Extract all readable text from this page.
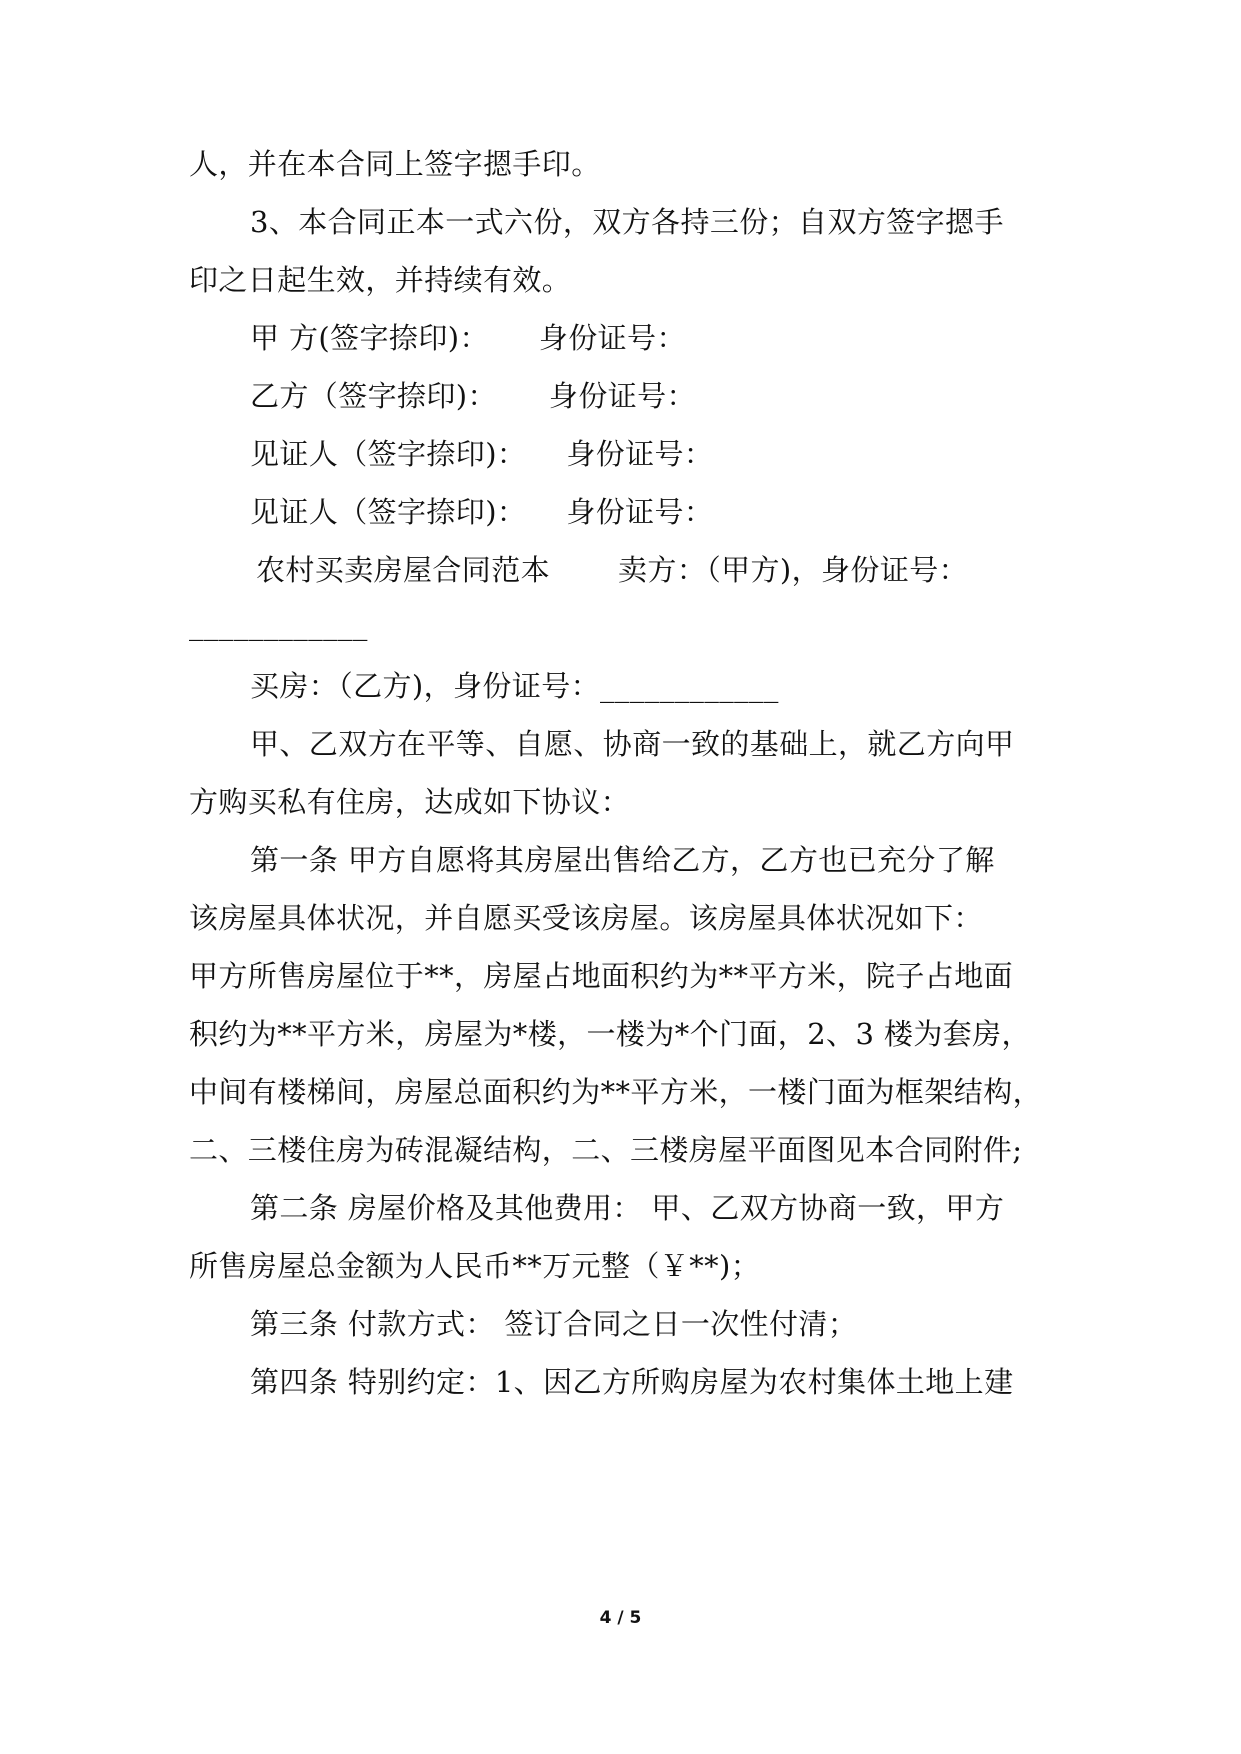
人，并在本合同上签字摁手印。
3、本合同正本一式六份，双方各持三份；自双方签字摁手
印之日起生效，并持续有效。
甲 方(签字捺印)： 身份证号：
乙方（签字捺印)： 身份证号：
见证人（签字捺印)： 身份证号：
见证人（签字捺印)： 身份证号：
农村买卖房屋合同范本 卖方：（甲方)，身份证号：
____________
买房：（乙方)，身份证号：____________
甲、乙双方在平等、自愿、协商一致的基础上，就乙方向甲
方购买私有住房，达成如下协议：
第一条 甲方自愿将其房屋出售给乙方，乙方也已充分了解
该房屋具体状况，并自愿买受该房屋。该房屋具体状况如下：
甲方所售房屋位于**，房屋占地面积约为**平方米，院子占地面
积约为**平方米，房屋为*楼，一楼为*个门面，2、3 楼为套房，
中间有楼梯间，房屋总面积约为**平方米，一楼门面为框架结构，
二、三楼住房为砖混凝结构，二、三楼房屋平面图见本合同附件;
第二条 房屋价格及其他费用： 甲、乙双方协商一致，甲方
所售房屋总金额为人民币**万元整（￥**)；
第三条 付款方式： 签订合同之日一次性付清；
第四条 特别约定：1、因乙方所购房屋为农村集体土地上建
4 / 5
